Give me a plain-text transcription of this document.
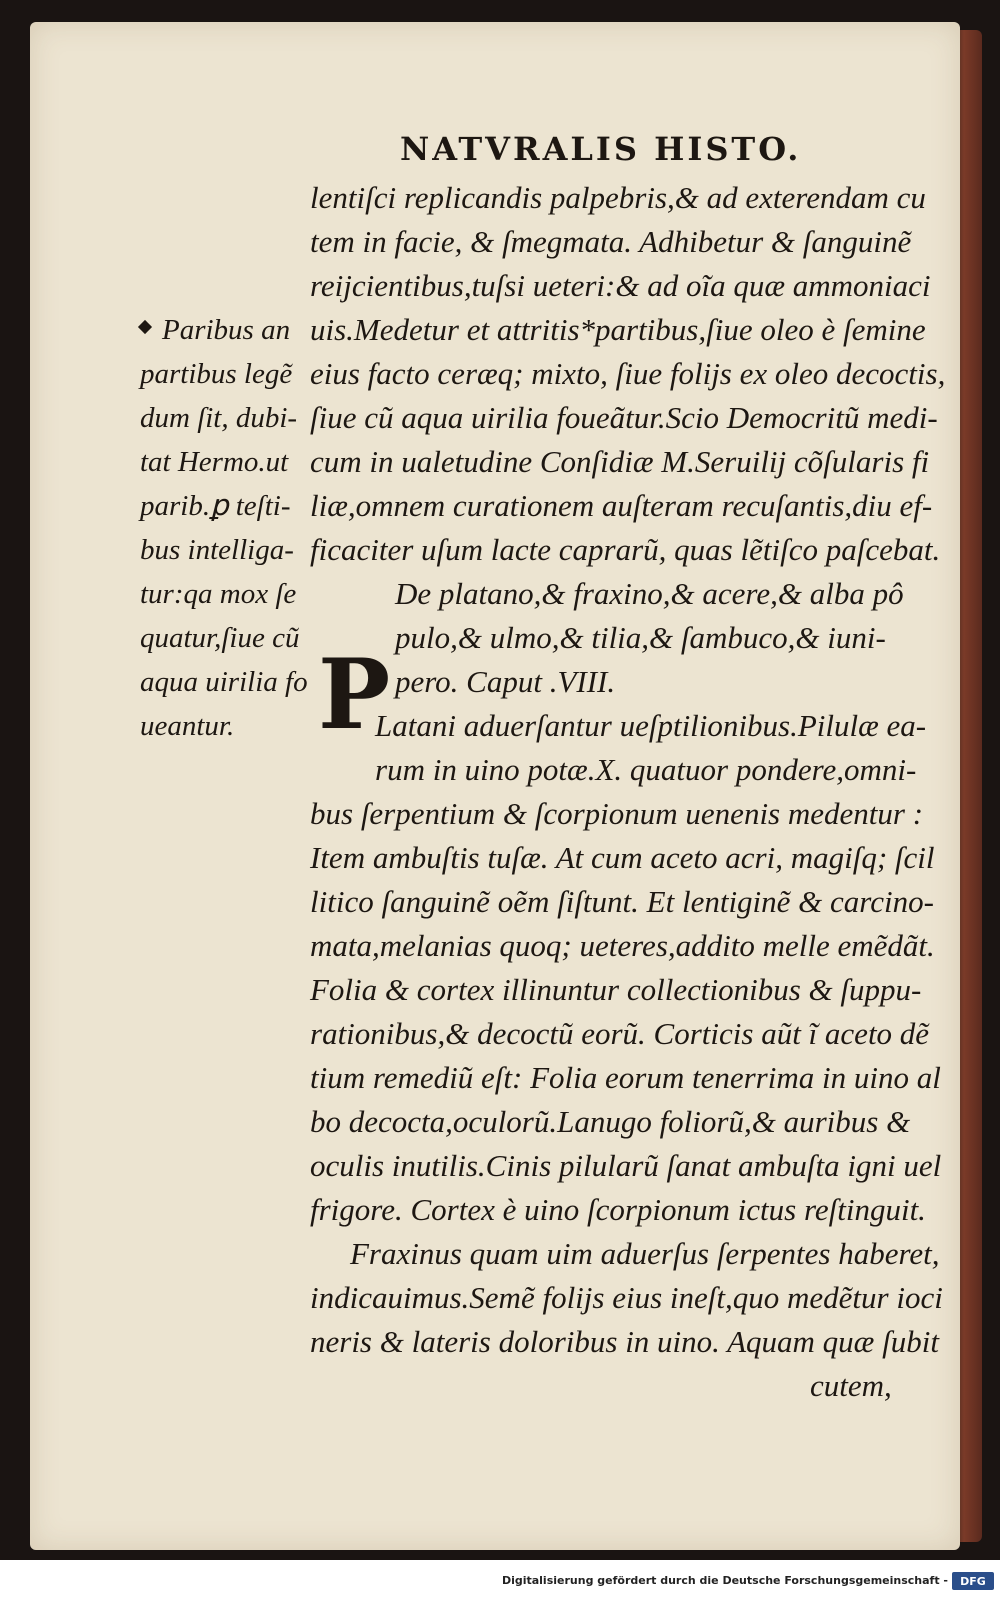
NATVRALIS HISTO.
lentiſci replicandis palpebris,& ad exterendam cu
tem in facie, & ſmegmata. Adhibetur & ſanguinẽ
reijcientibus,tuſsi ueteri:& ad oĩa quæ ammoniaci
uis.Medetur et attritis*partibus,ſiue oleo è ſemine
eius facto ceræq; mixto, ſiue folijs ex oleo decoctis,
ſiue cũ aqua uirilia foueãtur.Scio Democritũ medi-
cum in ualetudine Conſidiæ M.Seruilij cõſularis fi
liæ,omnem curationem auſteram recuſantis,diu ef-
ficaciter uſum lacte caprarũ, quas lẽtiſco paſcebat.
De platano,& fraxino,& acere,& alba pô
pulo,& ulmo,& tilia,& ſambuco,& iuni-
pero. Caput .VIII.
P
Latani aduerſantur ueſptilionibus.Pilulæ ea-
rum in uino potæ.X. quatuor pondere,omni-
bus ſerpentium & ſcorpionum uenenis medentur :
Item ambuſtis tuſæ. At cum aceto acri, magiſq; ſcil
litico ſanguinẽ oẽm ſiſtunt. Et lentiginẽ & carcino-
mata,melanias quoq; ueteres,addito melle emẽdãt.
Folia & cortex illinuntur collectionibus & ſuppu-
rationibus,& decoctũ eorũ. Corticis aũt ĩ aceto dẽ
tium remediũ eſt: Folia eorum tenerrima in uino al
bo decocta,oculorũ.Lanugo foliorũ,& auribus &
oculis inutilis.Cinis pilularũ ſanat ambuſta igni uel
frigore. Cortex è uino ſcorpionum ictus reſtinguit.
Fraxinus quam uim aduerſus ſerpentes haberet,
indicauimus.Semẽ folijs eius ineſt,quo medẽtur ioci
neris & lateris doloribus in uino. Aquam quæ ſubit
cutem,
Paribus an
partibus legẽ
dum ſit, dubi-
tat Hermo.ut
parib.ꝑ teſti-
bus intelliga-
tur:qa mox ſe
quatur,ſiue cũ
aqua uirilia fo
ueantur.
Digitalisierung gefördert durch die Deutsche Forschungsgemeinschaft -	DFG
